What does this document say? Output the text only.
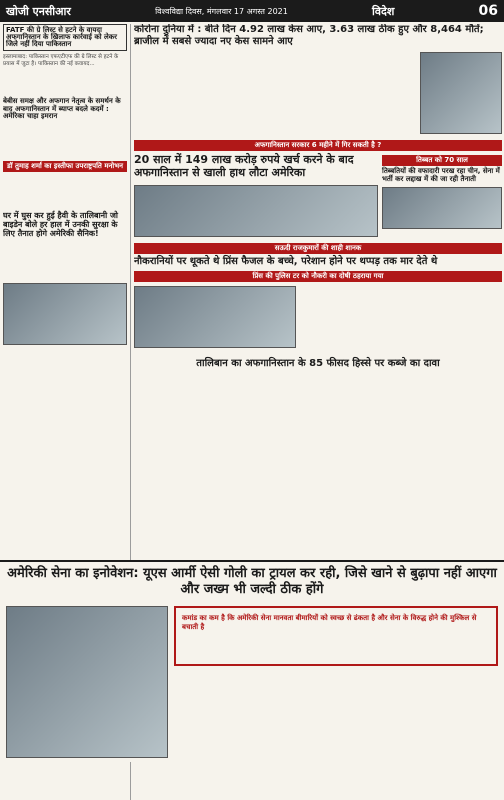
खोजी एनसीआर	विश्वविद्या दिवस, मंगलवार 17 अगस्त 2021	विदेश	06
FATF की ग्रे लिस्ट से हटने के वायदा अफगानिस्तान के खिलाफ कार्रवाई को लेकर जिले नहीं दिया पाकिस्तान
इस्लामाबाद: पाकिस्तान एफएटीएफ की ग्रे लिस्ट से हटने के प्रयास में जुटा है। पाकिस्तान की नई कवायद...
बेबीस समक्ष और अफगान नेतृत्व के समर्थन के बाद अफगानिस्तान में ब्याप्त बदले कदमें : अमेरिका चाहा इमरान
डॉ तुमाह शर्मा का इस्तीफा उपराष्ट्रपति मनोभन
घर में घुस कर हुई हैवी के तालिबानी जो बाइडेन बोले हर हाल में उनकी सुरक्षा के लिए तैनात होगे अमेरिकी सैनिक!
कोरोना दुनिया में : बीते दिन 4.92 लाख केस आए, 3.63 लाख ठीक हुए और 8,464 मौतें; ब्राजील में सबसे ज्यादा नए केस सामने आए
अफगानिस्तान सरकार 6 महीने में गिर सकती है ?
20 साल में 149 लाख करोड़ रुपये खर्च करने के बाद अफगानिस्तान से खाली हाथ लौटा अमेरिका
तिब्बत को 70 साल
तिब्बतियों की वफादारी परख रहा चीन, सेना में भर्ती कर लद्दाख में की जा रही तैनाती
सऊदी राजकुमारों की शाही शानक
नौकरानियों पर थूकते थे प्रिंस फैजल के बच्चे, परेशान होने पर थप्पड़ तक मार देते थे
प्रिंस की पुलिस टर को नौकरी का दोषी ठहराया गया
तालिबान का अफगानिस्तान के 85 फीसद हिस्से पर कब्जे का दावा
अमेरिकी सेना का इनोवेशन: यूएस आर्मी ऐसी गोली का ट्रायल कर रही, जिसे खाने से बुढ़ापा नहीं आएगा और जख्म भी जल्दी ठीक होंगे
कमांड का कम है कि अमेरिकी सेना मानवता बीमारियों को स्वच्छ से ढंकता है और सेना के विरुद्ध होने की मुश्किल से बचाती है
